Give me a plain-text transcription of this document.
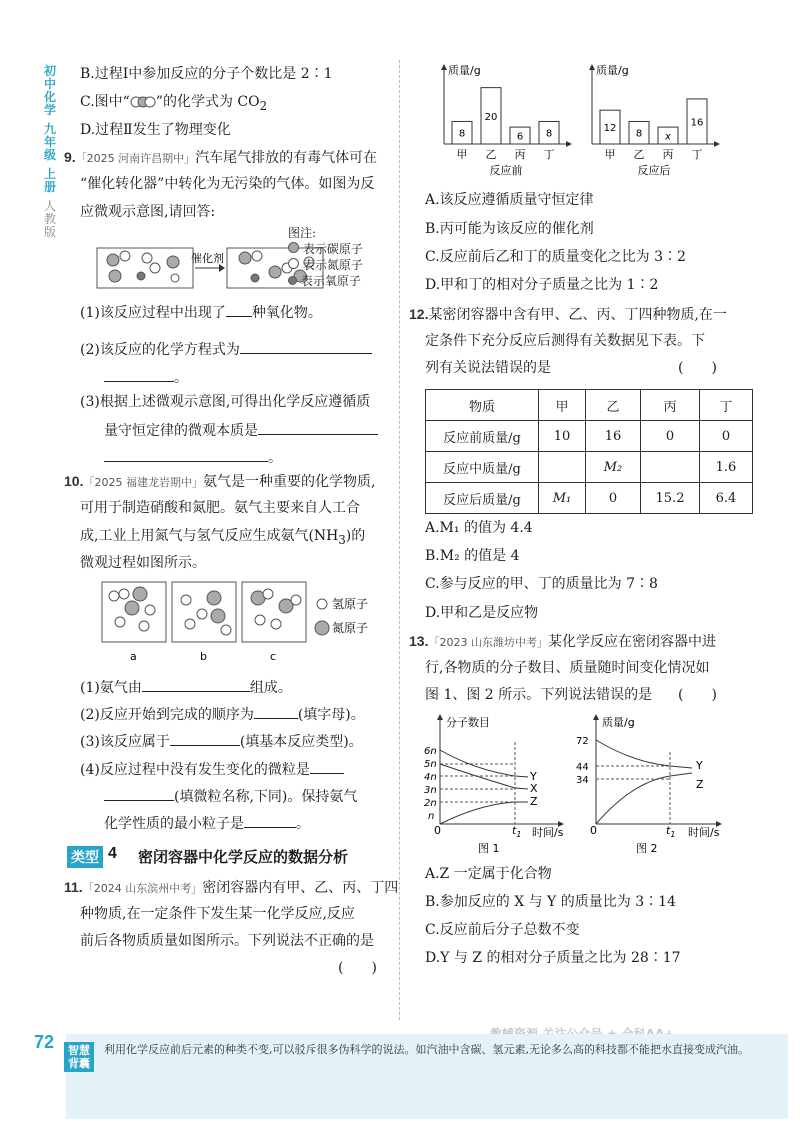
初中化学
九年级
上册
人教版
B.过程Ⅰ中参加反应的分子个数比是 2∶1
C.图中“ ”的化学式为 $CO_2$
D.过程Ⅱ发生了物理变化
9.「2025 河南许昌期中」汽车尾气排放的有毒气体可在
“催化转化器”中转化为无污染的气体。如图为反
应微观示意图,请回答:
催化剂
图注:
表示碳原子
表示氮原子
表示氧原子
(1)该反应过程中出现了 种氧化物。
(2)该反应的化学方程式为
。
(3)根据上述微观示意图,可得出化学反应遵循质
量守恒定律的微观本质是
。
10.「2025 福建龙岩期中」氨气是一种重要的化学物质,
可用于制造硝酸和氮肥。氨气主要来自人工合
成,工业上用氮气与氢气反应生成氨气$(NH_3)$的
微观过程如图所示。
a	b	c
氢原子
氮原子
(1)氨气由	组成。
(2)反应开始到完成的顺序为	(填字母)。
(3)该反应属于	(填基本反应类型)。
(4)反应过程中没有发生变化的微粒是
(填微粒名称,下同)。保持氨气
化学性质的最小粒子是	。
类型 4 密闭容器中化学反应的数据分析
11.「2024 山东滨州中考」密闭容器内有甲、乙、丙、丁四
种物质,在一定条件下发生某一化学反应,反应
前后各物质质量如图所示。下列说法不正确的是
(　　)
质量/g
8
甲
20
乙
6
丙
8
丁
反应前
质量/g
12
甲
8
乙
x
丙
16
丁
反应后
A.该反应遵循质量守恒定律
B.丙可能为该反应的催化剂
C.反应前后乙和丁的质量变化之比为 3∶2
D.甲和丁的相对分子质量之比为 1∶2
12.某密闭容器中含有甲、乙、丙、丁四种物质,在一
定条件下充分反应后测得有关数据见下表。下
列有关说法错误的是	(　　)
物质	甲	乙	丙	丁
反应前质量/g	10	16	0	0
反应中质量/g		M₂		1.6
反应后质量/g	M₁	0	15.2	6.4
A.M₁ 的值为 4.4
B.M₂ 的值是 4
C.参与反应的甲、丁的质量比为 7∶8
D.甲和乙是反应物
13.「2023 山东潍坊中考」某化学反应在密闭容器中进
行,各物质的分子数目、质量随时间变化情况如
图 1、图 2 所示。下列说法错误的是 (　　)
分子数目
时间/s
0
6n
5n
4n
3n
2n
n
Y
X
Z
$t_1$
图 1
质量/g
时间/s
0
72
44
34
Y
Z
$t_1$
图 2
A.Z 一定属于化合物
B.参加反应的 X 与 Y 的质量比为 3∶14
C.反应前后分子总数不变
D.Y 与 Z 的相对分子质量之比为 28∶17
72	智慧背囊
利用化学反应前后元素的种类不变,可以驳斥很多伪科学的说法。如汽油中含碳、氢元素,无论多么高的科技都不能把水直接变成汽油。
